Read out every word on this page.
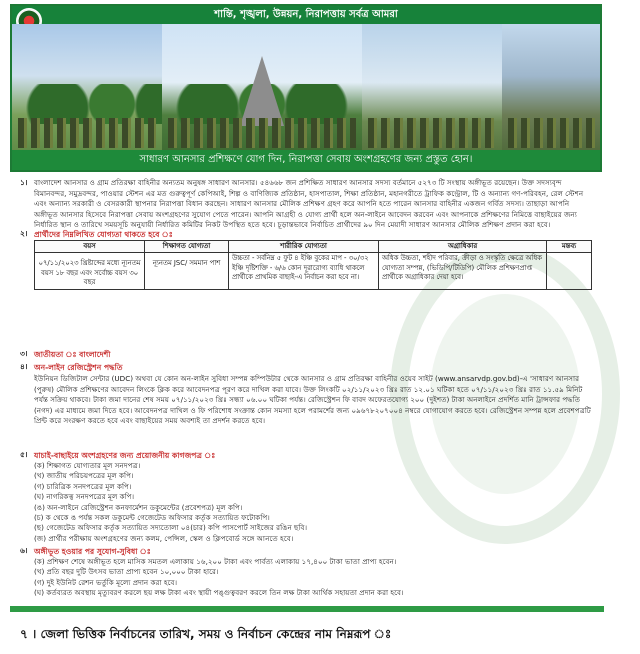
শান্তি, শৃঙ্খলা, উন্নয়ন, নিরাপত্তায় সর্বত্র আমরা
সাধারণ আনসার প্রশিক্ষণে যোগ দিন, নিরাপত্তা সেবায় অংশগ্রহণের জন্য প্রস্তুত হোন।
১। বাংলাদেশ আনসার ও গ্রাম প্রতিরক্ষা বাহিনীর অন্যতম অনুষঙ্গ সাধারণ আনসার। ৫৪৬৬৮ জন প্রশিক্ষিত সাধারণ আনসার সদস্য বর্তমানে ৫২৭৩ টি সংস্থায় অঙ্গীভূত রয়েছেন। উক্ত সদস্যবৃন্দ বিমানবন্দর, সমুদ্রবন্দর, পাওয়ার স্টেশন এর মত গুরুত্বপূর্ণ কেপিআই, শিল্প ও বাণিজ্যিক প্রতিষ্ঠান, হাসপাতাল, শিক্ষা প্রতিষ্ঠান, মহানগরীতে ট্রাফিক কন্ট্রোল, টি ও অন্যান্য গণ-পরিবহন, রেল স্টেশন এবং অন্যান্য সরকারী ও বেসরকারী স্থাপনার নিরাপত্তা বিধান করছেন। সাধারণ আনসার মৌলিক প্রশিক্ষণ গ্রহণ করে আপনি হতে পারেন আনসার বাহিনীর একজন গর্বিত সদস্য। তাছাড়া আপনি অঙ্গীভূত আনসার হিসেবে নিরাপত্তা সেবায় অংশগ্রহণের সুযোগ পেতে পারেন। আপনি আগ্রহী ও যোগ্য প্রার্থী হলে অন-লাইনে আবেদন করবেন এবং আপনাকে প্রশিক্ষণের নিমিত্তে বাছাইয়ের জন্য নির্ধারিত স্থান ও তারিখে সময়সূচি অনুযায়ী নির্ধারিত কমিটির নিকট উপস্থিত হতে হবে। চূড়ান্তভাবে নির্বাচিত প্রার্থীদের ৯০ দিন মেয়াদী সাধারণ আনসার মৌলিক প্রশিক্ষণ প্রদান করা হবে।

২। প্রার্থীদের নিম্নলিখিত যোগ্যতা থাকতে হবে ঃ
বয়স	শিক্ষাগত যোগ্যতা	শারীরিক যোগ্যতা	অগ্রাধিকার	মন্তব্য
০৭/১১/২০২৩ খ্রিষ্টাব্দের মধ্যে ন্যূনতম বয়স ১৮ বছর এবং সর্বোচ্চ বয়স ৩০ বছর	ন্যূনতম JSC/ সমমান পাশ	উচ্চতা - সর্বনিম্ন ৫ ফুট ৪ ইঞ্চি বুকের মাপ - ৩০/৩২ ইঞ্চি দৃষ্টিশক্তি - ৬/৬ কোন দূরারোগ্য ব্যাধি থাকলে প্রার্থীকে প্রাথমিক বাছাই-এ নির্বাচন করা হবে না।	অধিক উচ্চতা, শহীদ পরিবার, ক্রীড়া ও সংস্কৃতি ক্ষেত্রে অধিক যোগ্যতা সম্পন্ন, (ভিডিপি/টিডিপি) মৌলিক প্রশিক্ষণপ্রাপ্ত প্রার্থীকে অগ্রাধিকার দেয়া হবে।	
৩। জাতীয়তা ঃ বাংলাদেশী
৪। অন-লাইন রেজিস্ট্রেশন পদ্ধতি

ইউনিয়ন ডিজিটাল সেন্টার (UDC) অথবা যে কোন অন-লাইন সুবিধা সম্পন্ন কম্পিউটার থেকে আনসার ও গ্রাম প্রতিরক্ষা বাহিনীর ওয়েব সাইট (www.ansarvdp.gov.bd)-এ 'সাধারণ আনসার (পুরুষ) মৌলিক প্রশিক্ষণের আবেদন লিংকে ক্লিক করে আবেদনপত্র পূরণ করে দাখিল করা যাবে। উক্ত লিংকটি ০২/১১/২০২৩ খ্রিঃ রাত ১২.০১ ঘটিকা হতে ০৭/১১/২০২৩ খ্রিঃ রাত ১১.৫৯ মিনিট পর্যন্ত সক্রিয় থাকবে। টাকা জমা দানের শেষ সময় ০৭/১১/২০২৩ খ্রিঃ সন্ধ্যা ০৬.০০ ঘটিকা পর্যন্ত। রেজিস্ট্রেশন ফি বাবদ অফেরতযোগ্য ২০০ (দুইশত) টাকা অনলাইনে প্রদর্শিত মানি ট্রান্সফার পদ্ধতি (নগদ) এর মাধ্যমে জমা দিতে হবে। আবেদনপত্র দাখিল ও ফি পরিশোধ সংক্রান্ত কোন সমস্যা হলে পরামর্শের জন্য ০৯৬৭৮২০৭০০৪ নম্বরে যোগাযোগ করতে হবে। রেজিস্ট্রেশন সম্পন্ন হলে প্রবেশপত্রটি প্রিন্ট করে সংরক্ষণ করতে হবে এবং বাছাইয়ের সময় অবশ্যই তা প্রদর্শন করতে হবে।

৫। যাচাই-বাছাইয়ে অংশগ্রহণের জন্য প্রয়োজনীয় কাগজপত্র ঃ
(ক) শিক্ষাগত যোগ্যতার মূল সনদপত্র।
(খ) জাতীয় পরিচয়পত্রের মূল কপি।
(গ) চারিত্রিক সনদপত্রের মূল কপি।
(ঘ) নাগরিকত্ব সনদপত্রের মূল কপি।
(ঙ) অন-লাইনে রেজিস্ট্রেশন কনফার্মেশন ডকুমেন্টের (প্রবেশপত্র) মূল কপি।
(চ) ক থেকে ঙ পর্যন্ত সকল ডকুমেন্ট গেজেটেড অফিসার কর্তৃক সত্যায়িত ফটোকপি।
(ছ) গেজেটেড অফিসার কর্তৃক সত্যায়িত সদ্যতোলা ০৪(চার) কপি পাসপোর্ট সাইজের রঙিন ছবি।
(জ) প্রার্থীর পরীক্ষায় অংশগ্রহণের জন্য কলম, পেন্সিল, স্কেল ও ক্লিপবোর্ড সঙ্গে আনতে হবে।
৬। অঙ্গীভূত হওয়ার পর সুযোগ-সুবিধা ঃ
(ক) প্রশিক্ষণ শেষে অঙ্গীভূত হলে মাসিক সমতল এলাকায় ১৬,২০০ টাকা এবং পার্বত্য এলাকায় ১৭,৪০০ টাকা ভাতা প্রাপ্য হবেন।
(খ) প্রতি বছর দুটি উৎসব ভাতা প্রাপ্য হবেন ১০,০০০ টাকা হারে।
(গ) দুই ইউনিট রেশন ভর্তুকি মূল্যে প্রদান করা হবে।
(ঘ) কর্তব্যরত অবস্থায় মৃত্যুবরণ করলে ছয় লক্ষ টাকা এবং স্থায়ী পঙ্গুত্ববরণ করলে তিন লক্ষ টাকা আর্থিক সহায়তা প্রদান করা হবে।
৭ । জেলা ভিত্তিক নির্বাচনের তারিখ, সময় ও নির্বাচন কেন্দ্রের নাম নিম্নরূপ ঃ
